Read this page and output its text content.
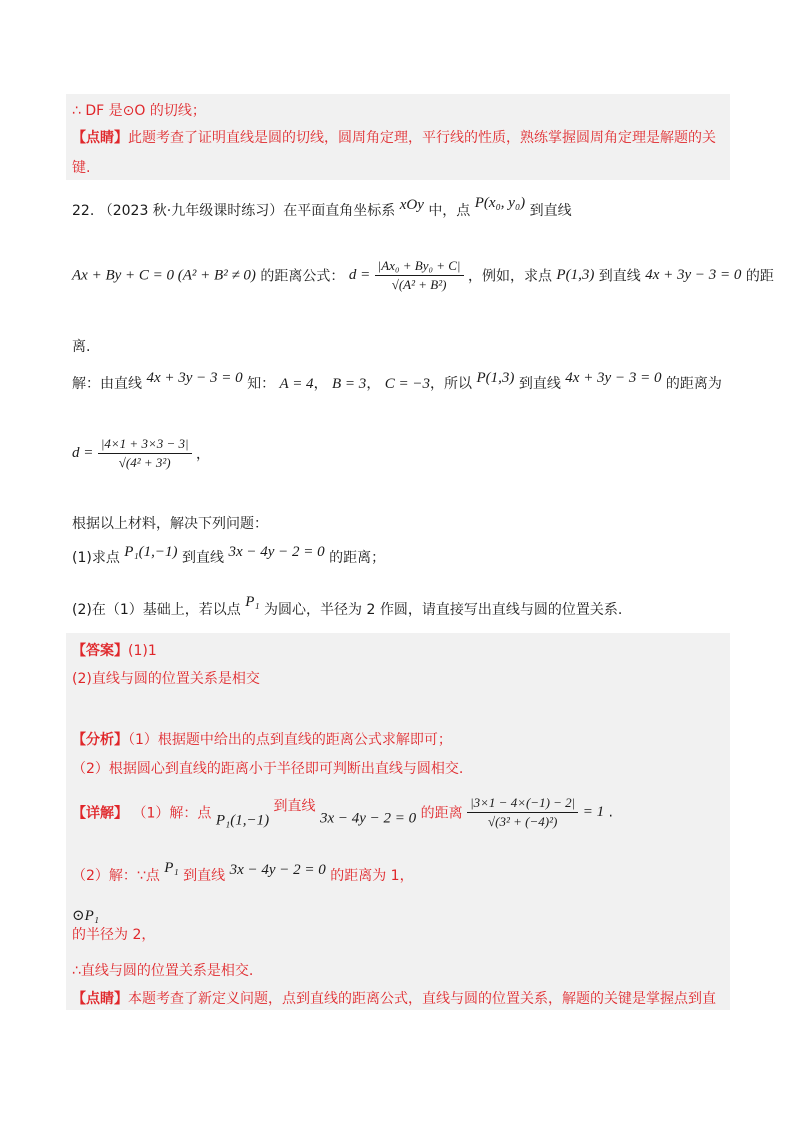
∴ DF 是⊙O 的切线；
【点睛】此题考查了证明直线是圆的切线，圆周角定理，平行线的性质，熟练掌握圆周角定理是解题的关
键.
22. （2023 秋·九年级课时练习）在平面直角坐标系 xOy 中，点 P(x₀, y₀) 到直线
Ax + By + C = 0 (A² + B² ≠ 0) 的距离公式： $d = \frac{\text{|Ax₀ + By₀ + C|}}{\text{√(A² + B²)}}$ ，例如，求点 P(1,3) 到直线 4x + 3y − 3 = 0 的距
离.
解：由直线 4x + 3y − 3 = 0 知： A = 4， B = 3， C = −3，所以 P(1,3) 到直线 4x + 3y − 3 = 0 的距离为
$d = \frac{|4\times 1 + 3\times 3 - 3|}{\text{√(4² + 3²)}}$ ，
根据以上材料，解决下列问题：
(1)求点 P₁(1,−1) 到直线 3x − 4y − 2 = 0 的距离；
(2)在（1）基础上，若以点 P₁ 为圆心，半径为 2 作圆，请直接写出直线与圆的位置关系.
【答案】(1)1
(2)直线与圆的位置关系是相交
【分析】（1）根据题中给出的点到直线的距离公式求解即可；
（2）根据圆心到直线的距离小于半径即可判断出直线与圆相交.
【详解】 （1）解：点 P₁(1,−1) 到直线 3x − 4y − 2 = 0 的距离 $\frac{|3\times 1 - 4\times(-1) - 2|}{\text{√(3² + (−4)²)}} = 1$ .
（2）解：∵点 P₁ 到直线 3x − 4y − 2 = 0 的距离为 1，
⊙P₁
的半径为 2，
∴直线与圆的位置关系是相交.
【点睛】本题考查了新定义问题，点到直线的距离公式，直线与圆的位置关系，解题的关键是掌握点到直
